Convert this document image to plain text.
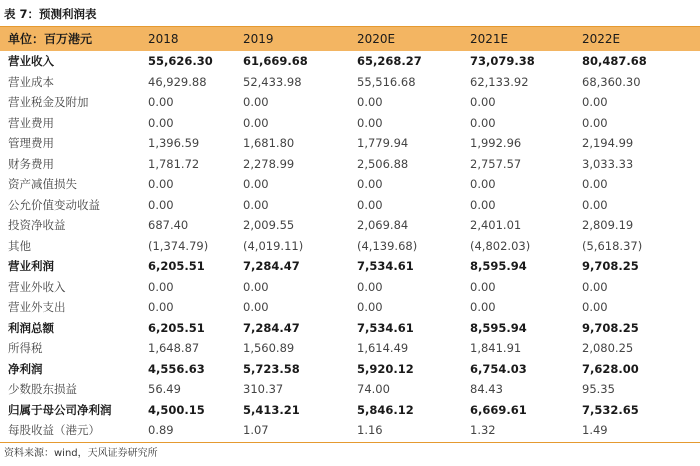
表 7：预测利润表
单位：百万港元	2018	2019	2020E	2021E	2022E
营业收入	55,626.30	61,669.68	65,268.27	73,079.38	80,487.68
营业成本	46,929.88	52,433.98	55,516.68	62,133.92	68,360.30
营业税金及附加	0.00	0.00	0.00	0.00	0.00
营业费用	0.00	0.00	0.00	0.00	0.00
管理费用	1,396.59	1,681.80	1,779.94	1,992.96	2,194.99
财务费用	1,781.72	2,278.99	2,506.88	2,757.57	3,033.33
资产减值损失	0.00	0.00	0.00	0.00	0.00
公允价值变动收益	0.00	0.00	0.00	0.00	0.00
投资净收益	687.40	2,009.55	2,069.84	2,401.01	2,809.19
其他	(1,374.79)	(4,019.11)	(4,139.68)	(4,802.03)	(5,618.37)
营业利润	6,205.51	7,284.47	7,534.61	8,595.94	9,708.25
营业外收入	0.00	0.00	0.00	0.00	0.00
营业外支出	0.00	0.00	0.00	0.00	0.00
利润总额	6,205.51	7,284.47	7,534.61	8,595.94	9,708.25
所得税	1,648.87	1,560.89	1,614.49	1,841.91	2,080.25
净利润	4,556.63	5,723.58	5,920.12	6,754.03	7,628.00
少数股东损益	56.49	310.37	74.00	84.43	95.35
归属于母公司净利润	4,500.15	5,413.21	5,846.12	6,669.61	7,532.65
每股收益（港元）	0.89	1.07	1.16	1.32	1.49
资料来源：wind，天风证券研究所
